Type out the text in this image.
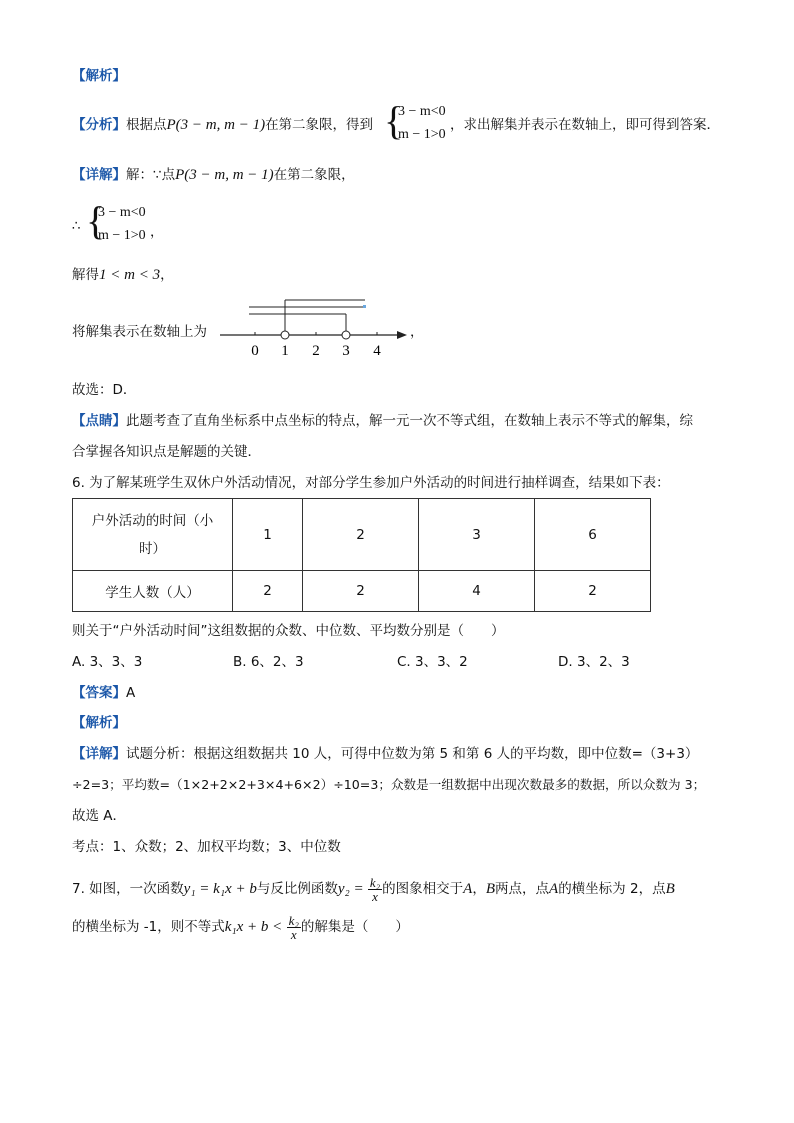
【解析】
【分析】根据点P(3 − m, m − 1)在第二象限，得到 {
3 − m<0
m − 1>0
，求出解集并表示在数轴上，即可得到答案．
【详解】解：∵点P(3 − m, m − 1)在第二象限，
∴ {
3 − m<0
m − 1>0 ，
解得1 < m < 3，
将解集表示在数轴上为
0 1 2 3 4
，
故选：D．
【点睛】此题考查了直角坐标系中点坐标的特点，解一元一次不等式组，在数轴上表示不等式的解集，综
合掌握各知识点是解题的关键．
6. 为了解某班学生双休户外活动情况，对部分学生参加户外活动的时间进行抽样调查，结果如下表：
户外活动的时间（小
时）	1	2	3	6
学生人数（人）	2	2	4	2
则关于“户外活动时间”这组数据的众数、中位数、平均数分别是（　　）
A. 3、3、3	B. 6、2、3	C. 3、3、2	D. 3、2、3
【答案】A
【解析】
【详解】试题分析：根据这组数据共 10 人，可得中位数为第 5 和第 6 人的平均数，即中位数=（3+3）
÷2=3；平均数=（1×2+2×2+3×4+6×2）÷10=3；众数是一组数据中出现次数最多的数据，所以众数为 3；
故选 A．
考点：1、众数；2、加权平均数；3、中位数
7. 如图，一次函数y₁ = k₁x + b与反比例函数$y_2 = \frac{\text{k₂}}{x}$ 的图象相交于A，B两点，点A的横坐标为 2，点B
的横坐标为 -1，则不等式$k_1x + b < \frac{\text{k₂}}{x}$ 的解集是（　　）
